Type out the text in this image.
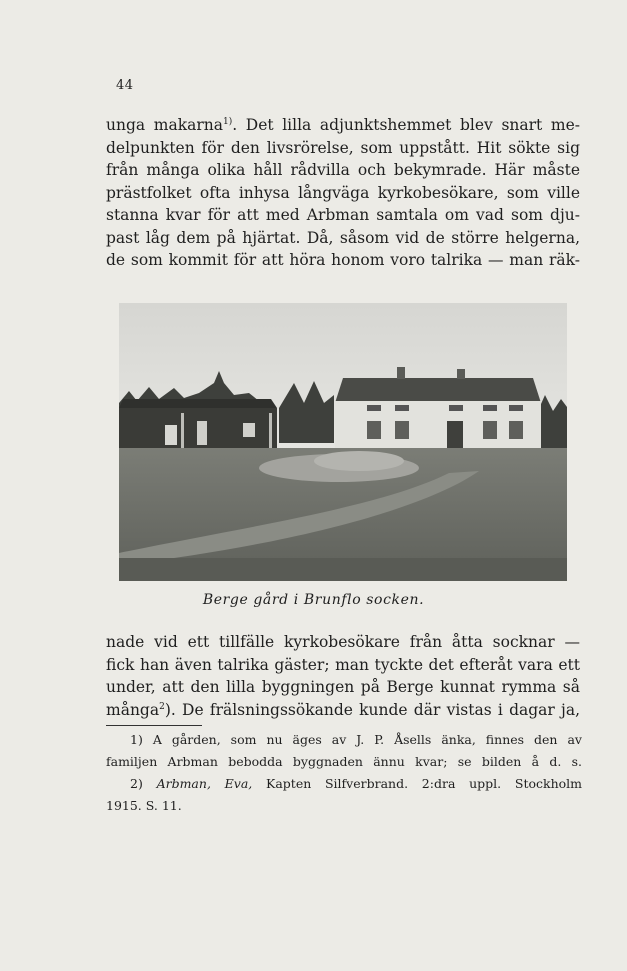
44
unga makarna$^{1)}$. Det lilla adjunktshemmet blev snart me-
delpunkten för den livsrörelse, som uppstått. Hit sökte sig
från många olika håll rådvilla och bekymrade. Här måste
prästfolket ofta inhysa långväga kyrkobesökare, som ville
stanna kvar för att med Arbman samtala om vad som dju-
past låg dem på hjärtat. Då, såsom vid de större helgerna,
de som kommit för att höra honom voro talrika — man räk-
Berge gård i Brunflo socken.
nade vid ett tillfälle kyrkobesökare från åtta socknar —
fick han även talrika gäster; man tyckte det efteråt vara ett
under, att den lilla byggningen på Berge kunnat rymma så
många$^2$). De frälsningssökande kunde där vistas i dagar ja,
1) A gården, som nu äges av J. P. Åsells änka, finnes den av
familjen Arbman bebodda byggnaden ännu kvar; se bilden å d. s.
2) Arbman, Eva, Kapten Silfverbrand. 2:dra uppl. Stockholm
1915. S. 11.
